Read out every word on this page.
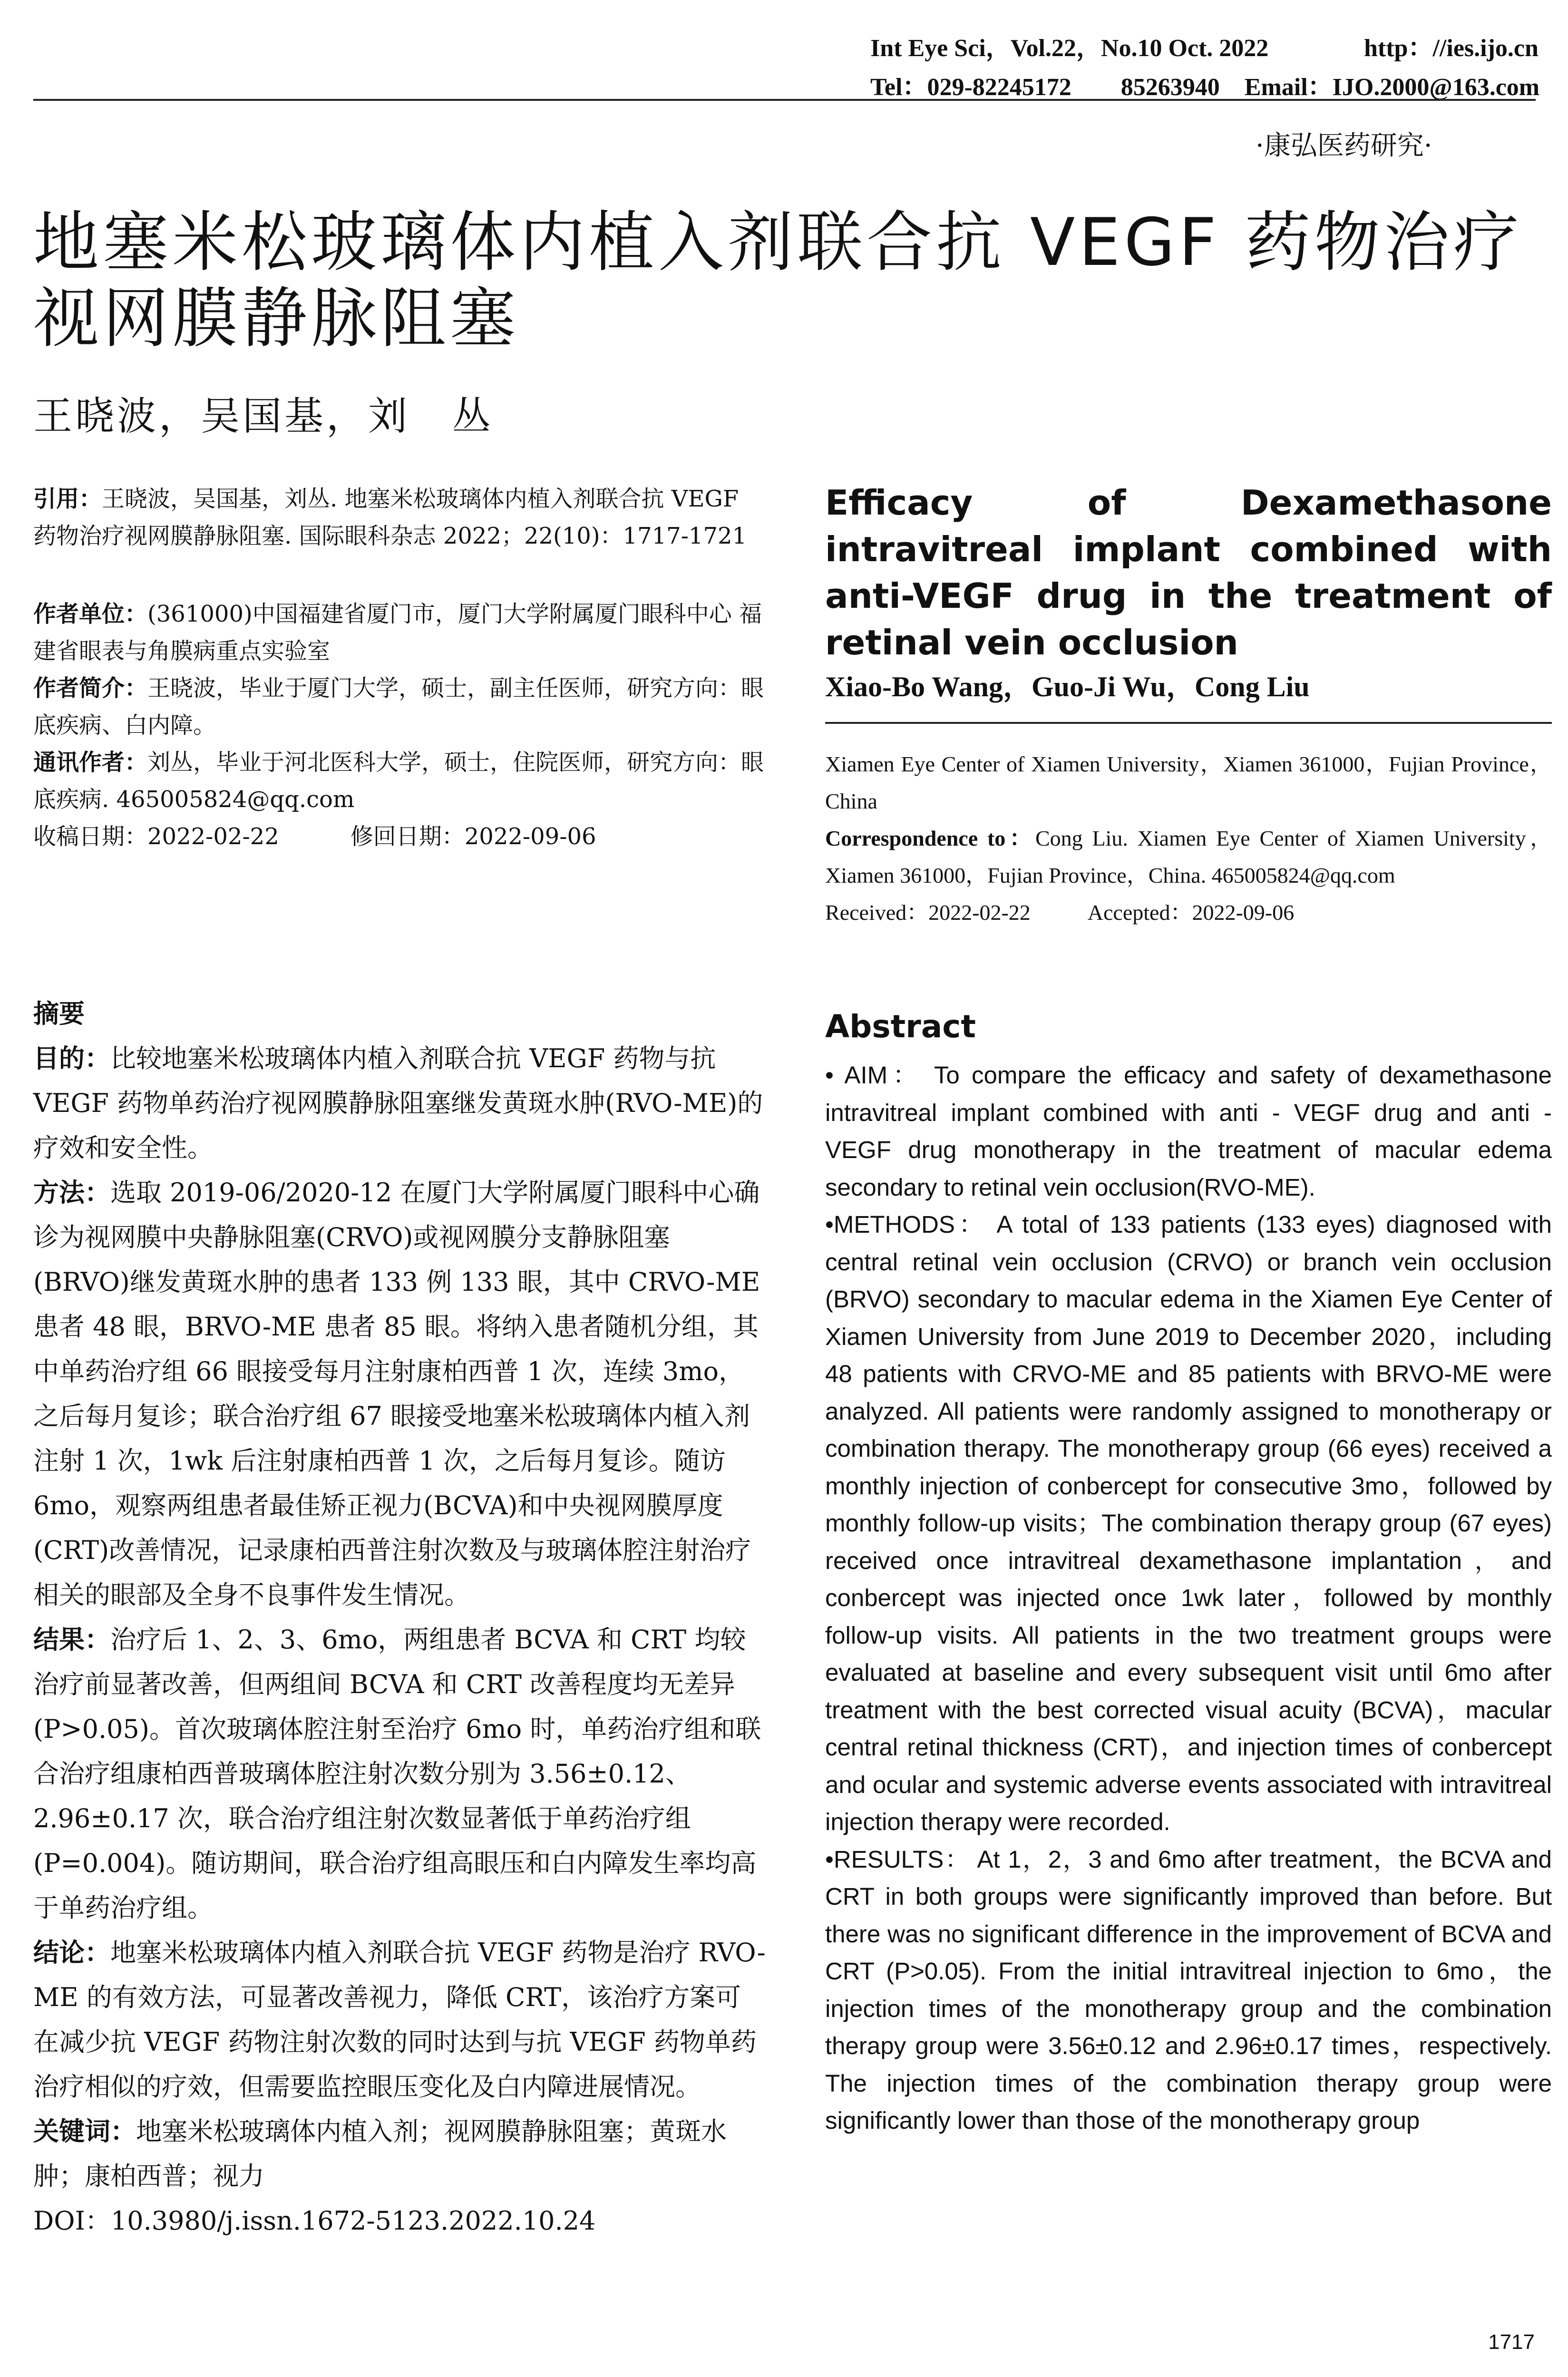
Int Eye Sci，Vol.22，No.10 Oct. 2022	http：//ies.ijo.cn
Tel：029-82245172　　85263940　Email：IJO.2000@163.com
·康弘医药研究·
地塞米松玻璃体内植入剂联合抗 VEGF 药物治疗视网膜静脉阻塞
王晓波，吴国基，刘　丛

引用：王晓波，吴国基，刘丛. 地塞米松玻璃体内植入剂联合抗 VEGF 药物治疗视网膜静脉阻塞. 国际眼科杂志 2022；22(10)：1717-1721

作者单位：(361000)中国福建省厦门市，厦门大学附属厦门眼科中心 福建省眼表与角膜病重点实验室

作者简介：王晓波，毕业于厦门大学，硕士，副主任医师，研究方向：眼底疾病、白内障。

通讯作者：刘丛，毕业于河北医科大学，硕士，住院医师，研究方向：眼底疾病. 465005824@qq.com

收稿日期：2022-02-22	修回日期：2022-09-06

摘要

目的：比较地塞米松玻璃体内植入剂联合抗 VEGF 药物与抗 VEGF 药物单药治疗视网膜静脉阻塞继发黄斑水肿(RVO-ME)的疗效和安全性。

方法：选取 2019-06/2020-12 在厦门大学附属厦门眼科中心确诊为视网膜中央静脉阻塞(CRVO)或视网膜分支静脉阻塞(BRVO)继发黄斑水肿的患者 133 例 133 眼，其中 CRVO-ME 患者 48 眼，BRVO-ME 患者 85 眼。将纳入患者随机分组，其中单药治疗组 66 眼接受每月注射康柏西普 1 次，连续 3mo，之后每月复诊；联合治疗组 67 眼接受地塞米松玻璃体内植入剂注射 1 次，1wk 后注射康柏西普 1 次，之后每月复诊。随访 6mo，观察两组患者最佳矫正视力(BCVA)和中央视网膜厚度(CRT)改善情况，记录康柏西普注射次数及与玻璃体腔注射治疗相关的眼部及全身不良事件发生情况。

结果：治疗后 1、2、3、6mo，两组患者 BCVA 和 CRT 均较治疗前显著改善，但两组间 BCVA 和 CRT 改善程度均无差异(P>0.05)。首次玻璃体腔注射至治疗 6mo 时，单药治疗组和联合治疗组康柏西普玻璃体腔注射次数分别为 3.56±0.12、2.96±0.17 次，联合治疗组注射次数显著低于单药治疗组(P=0.004)。随访期间，联合治疗组高眼压和白内障发生率均高于单药治疗组。

结论：地塞米松玻璃体内植入剂联合抗 VEGF 药物是治疗 RVO-ME 的有效方法，可显著改善视力，降低 CRT，该治疗方案可在减少抗 VEGF 药物注射次数的同时达到与抗 VEGF 药物单药治疗相似的疗效，但需要监控眼压变化及白内障进展情况。

关键词：地塞米松玻璃体内植入剂；视网膜静脉阻塞；黄斑水肿；康柏西普；视力

DOI：10.3980/j.issn.1672-5123.2022.10.24

Efficacy of Dexamethasone intravitreal implant combined with anti-VEGF drug in the treatment of retinal vein occlusion
Xiao-Bo Wang，Guo-Ji Wu，Cong Liu

Xiamen Eye Center of Xiamen University，Xiamen 361000，Fujian Province，China

Correspondence to：Cong Liu. Xiamen Eye Center of Xiamen University，Xiamen 361000，Fujian Province，China. 465005824@qq.com

Received：2022-02-22	Accepted：2022-09-06

Abstract

• AIM： To compare the efficacy and safety of dexamethasone intravitreal implant combined with anti - VEGF drug and anti - VEGF drug monotherapy in the treatment of macular edema secondary to retinal vein occlusion(RVO-ME).

•METHODS： A total of 133 patients (133 eyes) diagnosed with central retinal vein occlusion (CRVO) or branch vein occlusion (BRVO) secondary to macular edema in the Xiamen Eye Center of Xiamen University from June 2019 to December 2020，including 48 patients with CRVO-ME and 85 patients with BRVO-ME were analyzed. All patients were randomly assigned to monotherapy or combination therapy. The monotherapy group (66 eyes) received a monthly injection of conbercept for consecutive 3mo，followed by monthly follow-up visits；The combination therapy group (67 eyes) received once intravitreal dexamethasone implantation，and conbercept was injected once 1wk later，followed by monthly follow-up visits. All patients in the two treatment groups were evaluated at baseline and every subsequent visit until 6mo after treatment with the best corrected visual acuity (BCVA)，macular central retinal thickness (CRT)，and injection times of conbercept and ocular and systemic adverse events associated with intravitreal injection therapy were recorded.

•RESULTS： At 1，2，3 and 6mo after treatment，the BCVA and CRT in both groups were significantly improved than before. But there was no significant difference in the improvement of BCVA and CRT (P>0.05). From the initial intravitreal injection to 6mo，the injection times of the monotherapy group and the combination therapy group were 3.56±0.12 and 2.96±0.17 times，respectively. The injection times of the combination therapy group were significantly lower than those of the monotherapy group

1717
